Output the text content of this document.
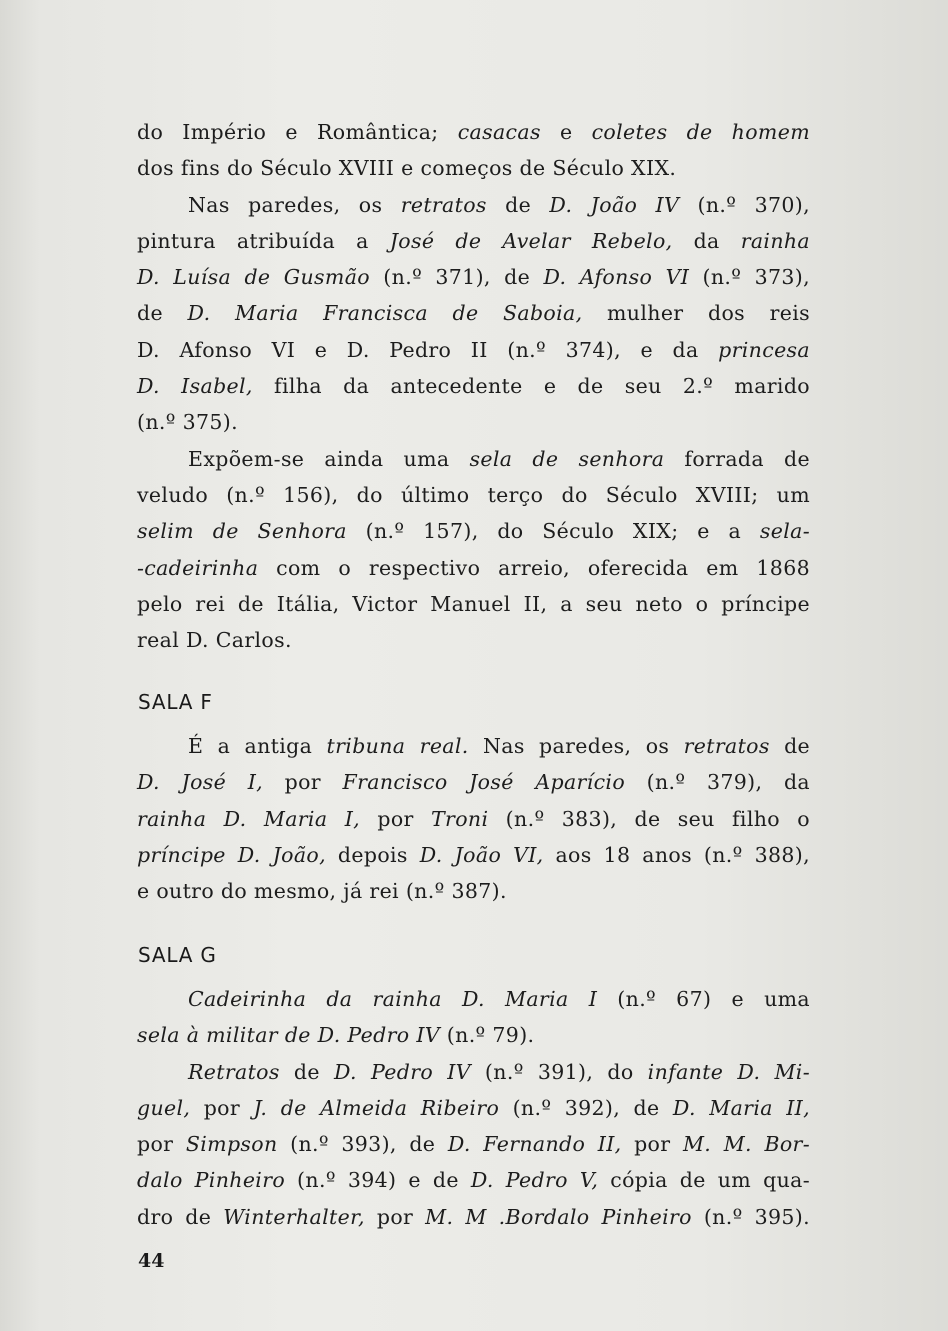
do Império e Romântica; casacas e coletes de homem
dos fins do Século XVIII e começos de Século XIX.
Nas paredes, os retratos de D. João IV (n.º 370),
pintura atribuída a José de Avelar Rebelo, da rainha
D. Luísa de Gusmão (n.º 371), de D. Afonso VI (n.º 373),
de D. Maria Francisca de Saboia, mulher dos reis
D. Afonso VI e D. Pedro II (n.º 374), e da princesa
D. Isabel, filha da antecedente e de seu 2.º marido
(n.º 375).
Expõem-se ainda uma sela de senhora forrada de
veludo (n.º 156), do último terço do Século XVIII; um
selim de Senhora (n.º 157), do Século XIX; e a sela-
-cadeirinha com o respectivo arreio, oferecida em 1868
pelo rei de Itália, Victor Manuel II, a seu neto o príncipe
real D. Carlos.
SALA F
É a antiga tribuna real. Nas paredes, os retratos de
D. José I, por Francisco José Aparício (n.º 379), da
rainha D. Maria I, por Troni (n.º 383), de seu filho o
príncipe D. João, depois D. João VI, aos 18 anos (n.º 388),
e outro do mesmo, já rei (n.º 387).
SALA G
Cadeirinha da rainha D. Maria I (n.º 67) e uma
sela à militar de D. Pedro IV (n.º 79).
Retratos de D. Pedro IV (n.º 391), do infante D. Mi-
guel, por J. de Almeida Ribeiro (n.º 392), de D. Maria II,
por Simpson (n.º 393), de D. Fernando II, por M. M. Bor-
dalo Pinheiro (n.º 394) e de D. Pedro V, cópia de um qua-
dro de Winterhalter, por M. M .Bordalo Pinheiro (n.º 395).
44
